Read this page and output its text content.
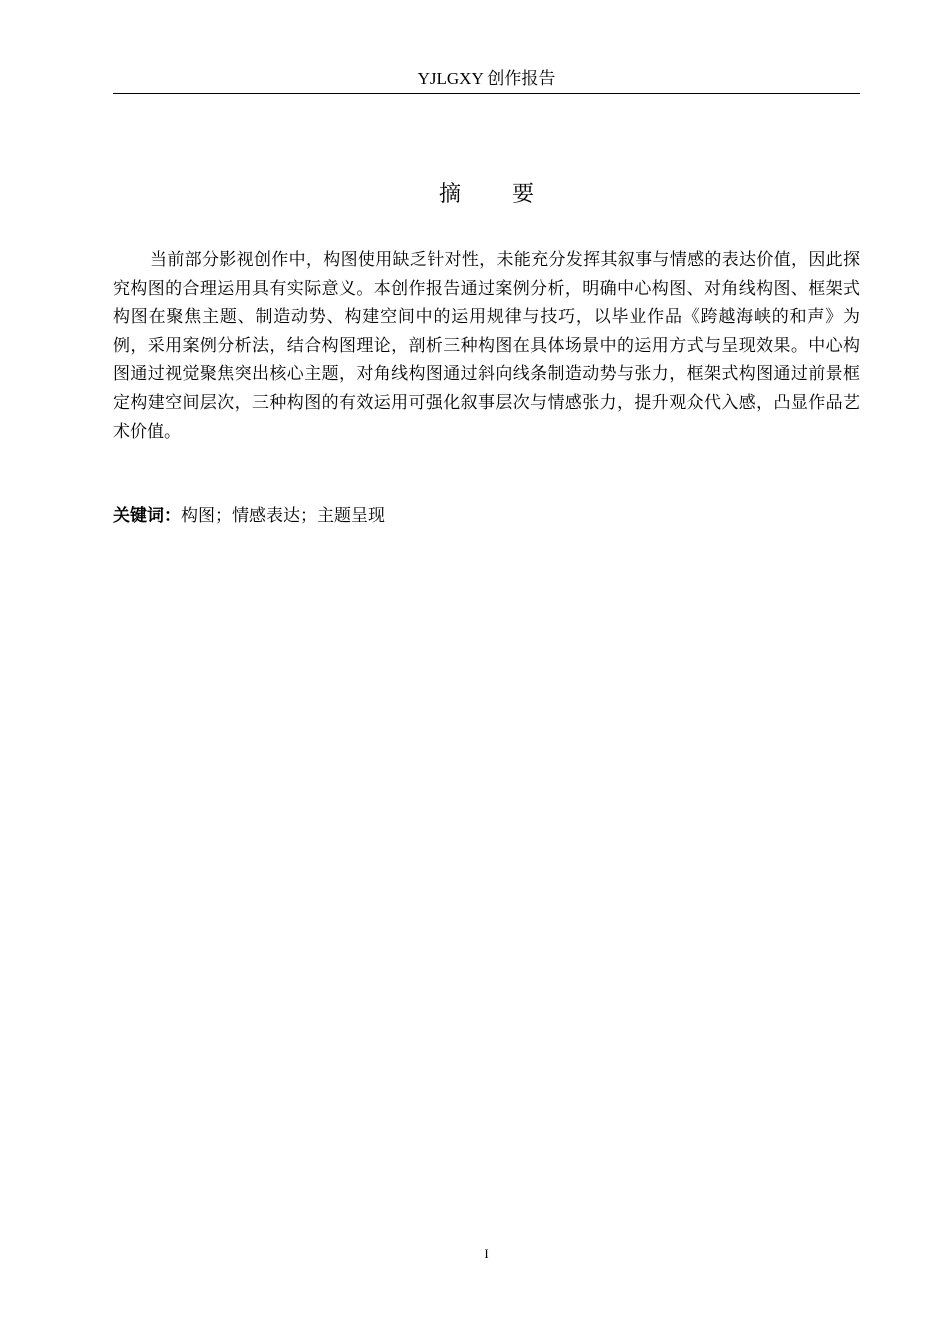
YJLGXY 创作报告
摘 要

当前部分影视创作中，构图使用缺乏针对性，未能充分发挥其叙事与情感的表达价值，因此探究构图的合理运用具有实际意义。本创作报告通过案例分析，明确中心构图、对角线构图、框架式构图在聚焦主题、制造动势、构建空间中的运用规律与技巧，以毕业作品《跨越海峡的和声》为例，采用案例分析法，结合构图理论，剖析三种构图在具体场景中的运用方式与呈现效果。中心构图通过视觉聚焦突出核心主题，对角线构图通过斜向线条制造动势与张力，框架式构图通过前景框定构建空间层次，三种构图的有效运用可强化叙事层次与情感张力，提升观众代入感，凸显作品艺术价值。

关键词：构图；情感表达；主题呈现

I
